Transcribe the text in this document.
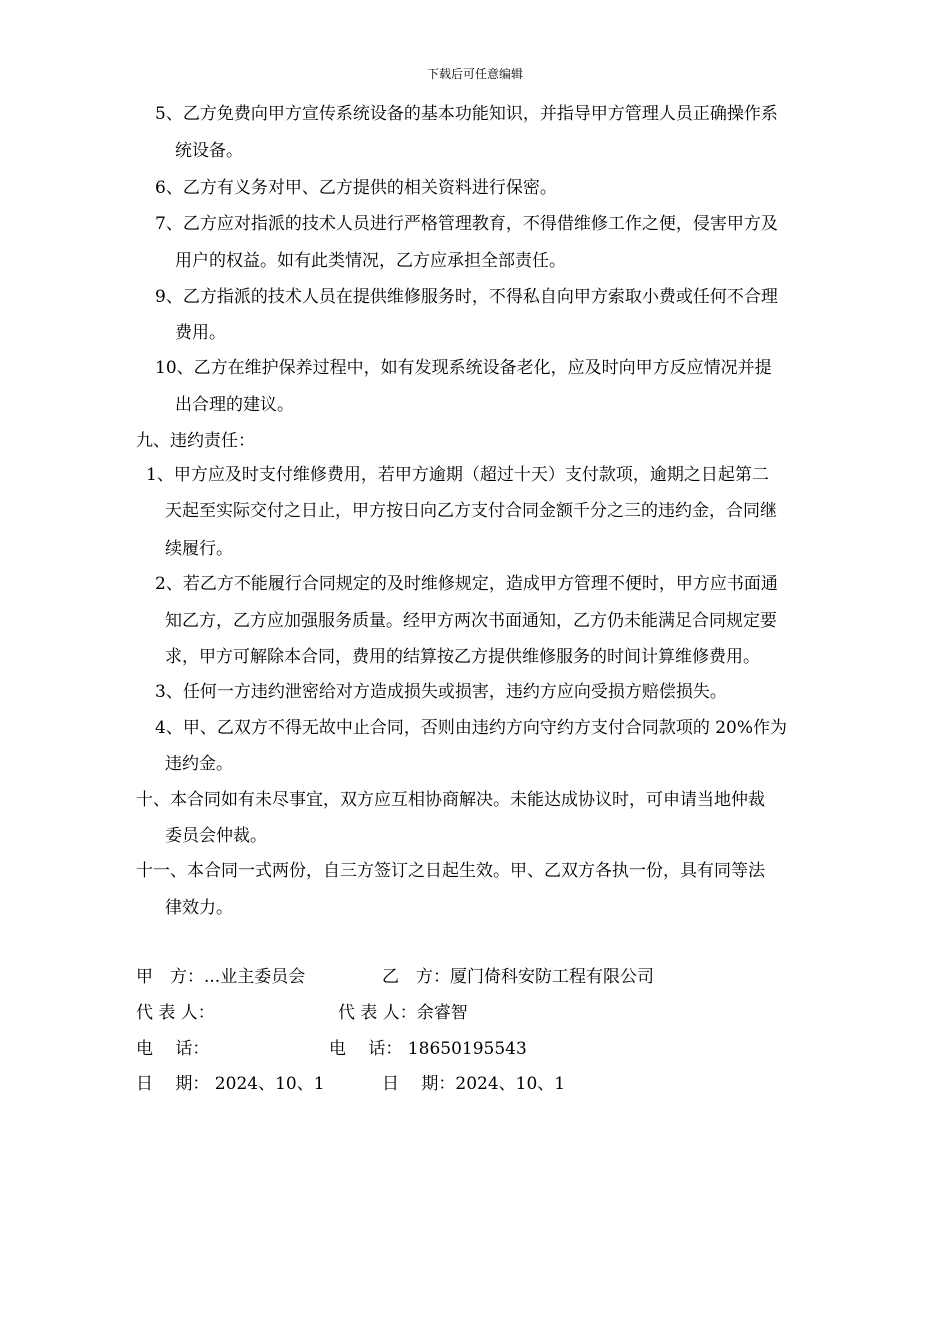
下载后可任意编辑
5、乙方免费向甲方宣传系统设备的基本功能知识，并指导甲方管理人员正确操作系
统设备。
6、乙方有义务对甲、乙方提供的相关资料进行保密。
7、乙方应对指派的技术人员进行严格管理教育，不得借维修工作之便，侵害甲方及
用户的权益。如有此类情况，乙方应承担全部责任。
9、乙方指派的技术人员在提供维修服务时，不得私自向甲方索取小费或任何不合理
费用。
10、乙方在维护保养过程中，如有发现系统设备老化，应及时向甲方反应情况并提
出合理的建议。
九、违约责任：
1、甲方应及时支付维修费用，若甲方逾期（超过十天）支付款项，逾期之日起第二
天起至实际交付之日止，甲方按日向乙方支付合同金额千分之三的违约金，合同继
续履行。
2、若乙方不能履行合同规定的及时维修规定，造成甲方管理不便时，甲方应书面通
知乙方，乙方应加强服务质量。经甲方两次书面通知，乙方仍未能满足合同规定要
求，甲方可解除本合同，费用的结算按乙方提供维修服务的时间计算维修费用。
3、任何一方违约泄密给对方造成损失或损害，违约方应向受损方赔偿损失。
4、甲、乙双方不得无故中止合同，否则由违约方向守约方支付合同款项的 20%作为
违约金。
十、本合同如有未尽事宜，双方应互相协商解决。未能达成协议时，可申请当地仲裁
委员会仲裁。
十一、本合同一式两份，自三方签订之日起生效。甲、乙双方各执一份，具有同等法
律效力。
甲　方：...业主委员会	乙　方：厦门倚科安防工程有限公司
代 表 人：	代 表 人：余睿智
电　 话：	电　 话： 18650195543
日　 期： 2024、10、1	日　 期：2024、10、1
